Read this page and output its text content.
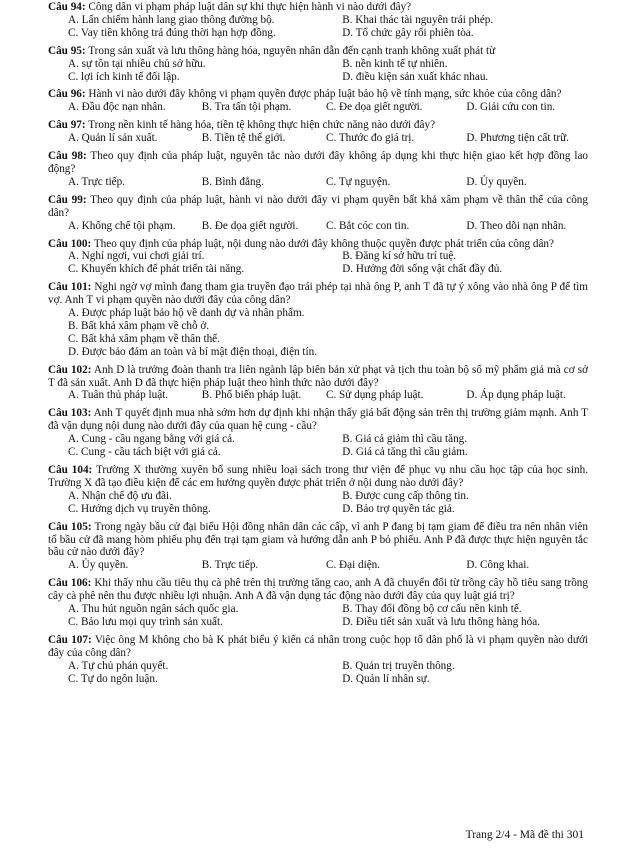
Câu 94: Công dân vi phạm pháp luật dân sự khi thực hiện hành vi nào dưới đây?
A. Lấn chiếm hành lang giao thông đường bộ.	B. Khai thác tài nguyên trái phép.
C. Vay tiền không trả đúng thời hạn hợp đồng.	D. Tổ chức gây rối phiên tòa.
Câu 95: Trong sản xuất và lưu thông hàng hóa, nguyên nhân dẫn đến cạnh tranh không xuất phát từ
A. sự tồn tại nhiều chủ sở hữu.	B. nền kinh tế tự nhiên.
C. lợi ích kinh tế đối lập.	D. điều kiện sản xuất khác nhau.
Câu 96: Hành vi nào dưới đây không vi phạm quyền được pháp luật bảo hộ về tính mạng, sức khỏe của công dân?
A. Đầu độc nạn nhân.	B. Tra tấn tội phạm.	C. Đe dọa giết người.	D. Giải cứu con tin.
Câu 97: Trong nền kinh tế hàng hóa, tiền tệ không thực hiện chức năng nào dưới đây?
A. Quản lí sản xuất.	B. Tiền tệ thế giới.	C. Thước đo giá trị.	D. Phương tiện cất trữ.
Câu 98: Theo quy định của pháp luật, nguyên tắc nào dưới đây không áp dụng khi thực hiện giao kết hợp đồng lao động?
A. Trực tiếp.	B. Bình đẳng.	C. Tự nguyện.	D. Ủy quyền.
Câu 99: Theo quy định của pháp luật, hành vi nào dưới đây vi phạm quyền bất khả xâm phạm về thân thể của công dân?
A. Khống chế tội phạm.	B. Đe dọa giết người.	C. Bắt cóc con tin.	D. Theo dõi nạn nhân.
Câu 100: Theo quy định của pháp luật, nội dung nào dưới đây không thuộc quyền được phát triển của công dân?
A. Nghỉ ngơi, vui chơi giải trí.	B. Đăng kí sở hữu trí tuệ.
C. Khuyến khích để phát triển tài năng.	D. Hưởng đời sống vật chất đầy đủ.
Câu 101: Nghi ngờ vợ mình đang tham gia truyền đạo trái phép tại nhà ông P, anh T đã tự ý xông vào nhà ông P để tìm vợ. Anh T vi phạm quyền nào dưới đây của công dân?
A. Được pháp luật bảo hộ về danh dự và nhân phẩm.
B. Bất khả xâm phạm về chỗ ở.
C. Bất khả xâm phạm về thân thể.
D. Được bảo đảm an toàn và bí mật điện thoại, điện tín.
Câu 102: Anh D là trưởng đoàn thanh tra liên ngành lập biên bản xử phạt và tịch thu toàn bộ số mỹ phẩm giả mà cơ sở T đã sản xuất. Anh D đã thực hiện pháp luật theo hình thức nào dưới đây?
A. Tuân thủ pháp luật.	B. Phổ biến pháp luật.	C. Sử dụng pháp luật.	D. Áp dụng pháp luật.
Câu 103: Anh T quyết định mua nhà sớm hơn dự định khi nhận thấy giá bất động sản trên thị trường giảm mạnh. Anh T đã vận dụng nội dung nào dưới đây của quan hệ cung - cầu?
A. Cung - cầu ngang bằng với giá cả.	B. Giá cả giảm thì cầu tăng.
C. Cung - cầu tách biệt với giá cả.	D. Giá cả tăng thì cầu giảm.
Câu 104: Trường X thường xuyên bổ sung nhiều loại sách trong thư viện để phục vụ nhu cầu học tập của học sinh. Trường X đã tạo điều kiện để các em hưởng quyền được phát triển ở nội dung nào dưới đây?
A. Nhận chế độ ưu đãi.	B. Được cung cấp thông tin.
C. Hướng dịch vụ truyền thông.	D. Bảo trợ quyền tác giả.
Câu 105: Trong ngày bầu cử đại biểu Hội đồng nhân dân các cấp, vì anh P đang bị tạm giam để điều tra nên nhân viên tổ bầu cử đã mang hòm phiếu phụ đến trại tạm giam và hướng dẫn anh P bỏ phiếu. Anh P đã được thực hiện nguyên tắc bầu cử nào dưới đây?
A. Ủy quyền.	B. Trực tiếp.	C. Đại diện.	D. Công khai.
Câu 106: Khi thấy nhu cầu tiêu thụ cà phê trên thị trường tăng cao, anh A đã chuyển đổi từ trồng cây hồ tiêu sang trồng cây cà phê nên thu được nhiều lợi nhuận. Anh A đã vận dụng tác động nào dưới đây của quy luật giá trị?
A. Thu hút nguồn ngân sách quốc gia.	B. Thay đổi đồng bộ cơ cấu nền kinh tế.
C. Bảo lưu mọi quy trình sản xuất.	D. Điều tiết sản xuất và lưu thông hàng hóa.
Câu 107: Việc ông M không cho bà K phát biểu ý kiến cá nhân trong cuộc họp tổ dân phố là vi phạm quyền nào dưới đây của công dân?
A. Tự chủ phán quyết.	B. Quản trị truyền thông.
C. Tự do ngôn luận.	D. Quản lí nhân sự.
Trang 2/4 - Mã đề thi 301
